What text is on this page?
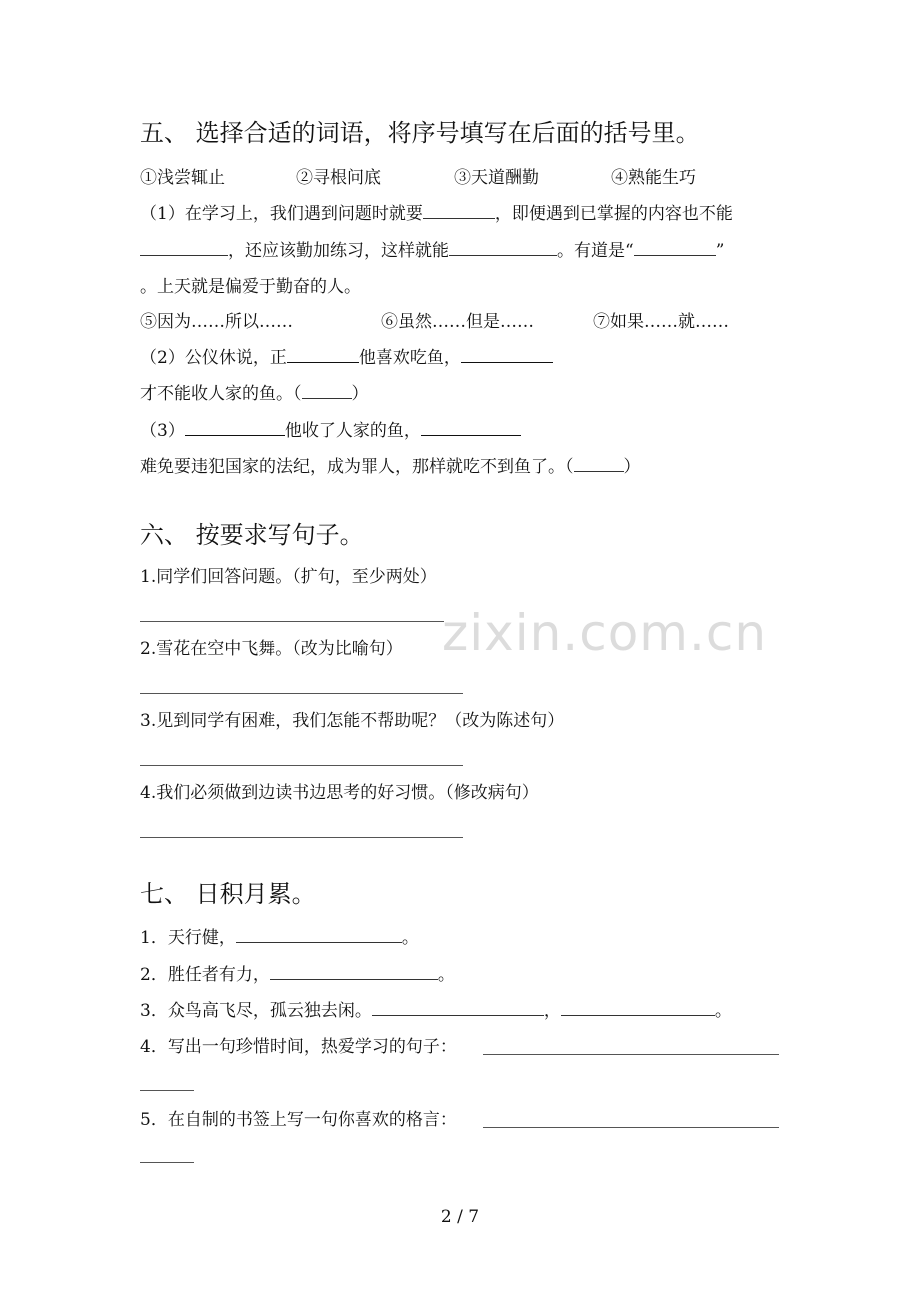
zixin.com.cn
五、 选择合适的词语，将序号填写在后面的括号里。
①浅尝辄止	②寻根问底	③天道酬勤	④熟能生巧
（1）在学习上，我们遇到问题时就要	，即便遇到已掌握的内容也不能
，还应该勤加练习，这样就能	。有道是“	”
。上天就是偏爱于勤奋的人。
⑤因为……所以……	⑥虽然……但是……	⑦如果……就……
（2）公仪休说，正	他喜欢吃鱼，
才不能收人家的鱼。（	）
（3）	他收了人家的鱼，
难免要违犯国家的法纪，成为罪人，那样就吃不到鱼了。（	）
六、 按要求写句子。
1.同学们回答问题。（扩句，至少两处）
2.雪花在空中飞舞。（改为比喻句）
3.见到同学有困难，我们怎能不帮助呢？（改为陈述句）
4.我们必须做到边读书边思考的好习惯。（修改病句）
七、 日积月累。
1．天行健，	。
2．胜任者有力，	。
3．众鸟高飞尽，孤云独去闲。	，	。
4．写出一句珍惜时间，热爱学习的句子：
5．在自制的书签上写一句你喜欢的格言：
2 / 7
